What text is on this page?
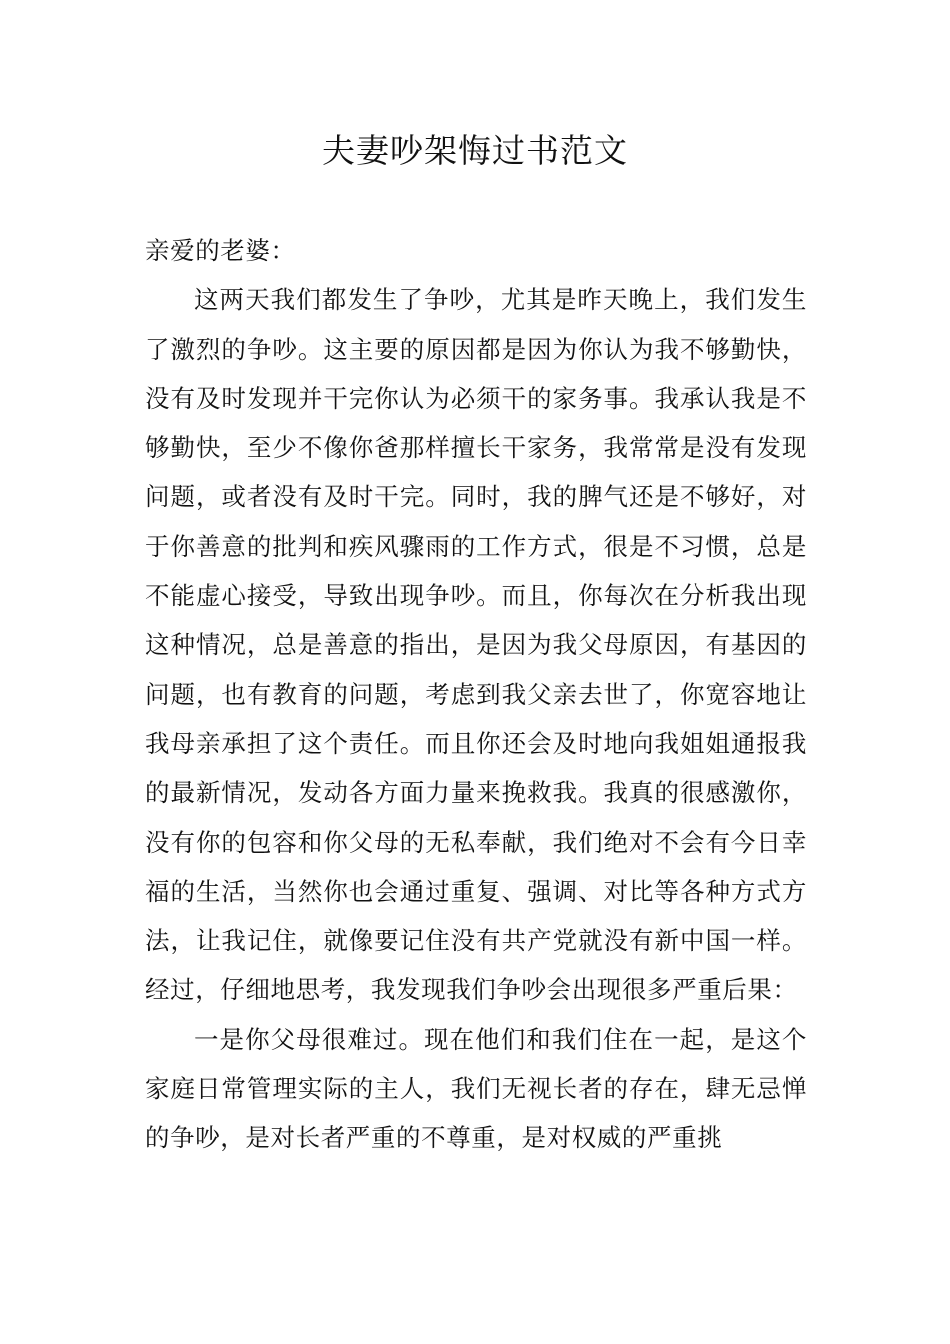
夫妻吵架悔过书范文

亲爱的老婆：

这两天我们都发生了争吵，尤其是昨天晚上，我们发生了激烈的争吵。这主要的原因都是因为你认为我不够勤快，没有及时发现并干完你认为必须干的家务事。我承认我是不够勤快，至少不像你爸那样擅长干家务，我常常是没有发现问题，或者没有及时干完。同时，我的脾气还是不够好，对于你善意的批判和疾风骤雨的工作方式，很是不习惯，总是不能虚心接受，导致出现争吵。而且，你每次在分析我出现这种情况，总是善意的指出，是因为我父母原因，有基因的问题，也有教育的问题，考虑到我父亲去世了，你宽容地让我母亲承担了这个责任。而且你还会及时地向我姐姐通报我的最新情况，发动各方面力量来挽救我。我真的很感激你，没有你的包容和你父母的无私奉献，我们绝对不会有今日幸福的生活，当然你也会通过重复、强调、对比等各种方式方法，让我记住，就像要记住没有共产党就没有新中国一样。经过，仔细地思考，我发现我们争吵会出现很多严重后果：

一是你父母很难过。现在他们和我们住在一起，是这个家庭日常管理实际的主人，我们无视长者的存在，肆无忌惮的争吵，是对长者严重的不尊重，是对权威的严重挑
